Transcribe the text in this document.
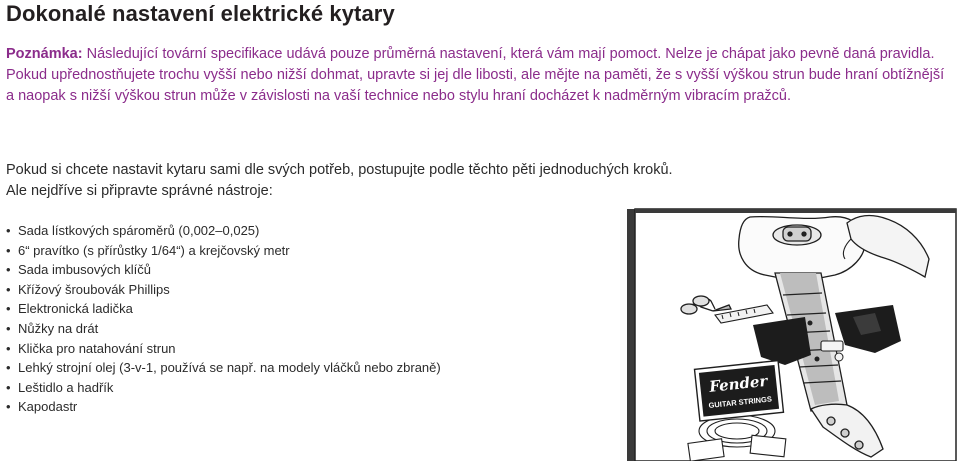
Dokonalé nastavení elektrické kytary
Poznámka: Následující tovární specifikace udává pouze průměrná nastavení, která vám mají pomoct. Nelze je chápat jako pevně daná pravidla. Pokud upřednostňujete trochu vyšší nebo nižší dohmat, upravte si jej dle libosti, ale mějte na paměti, že s vyšší výškou strun bude hraní obtížnější a naopak s nižší výškou strun může v závislosti na vaší technice nebo stylu hraní docházet k nadměrným vibracím pražců.
Pokud si chcete nastavit kytaru sami dle svých potřeb, postupujte podle těchto pěti jednoduchých kroků.
Ale nejdříve si připravte správné nástroje:
• Sada lístkových spároměrů (0,002–0,025)
• 6“ pravítko (s přírůstky 1/64“) a krejčovský metr
• Sada imbusových klíčů
• Křížový šroubovák Phillips
• Elektronická ladička
• Nůžky na drát
• Klička pro natahování strun
• Lehký strojní olej (3-v-1, používá se např. na modely vláčků nebo zbraně)
• Leštidlo a hadřík
• Kapodastr
Fender
GUITAR STRINGS
